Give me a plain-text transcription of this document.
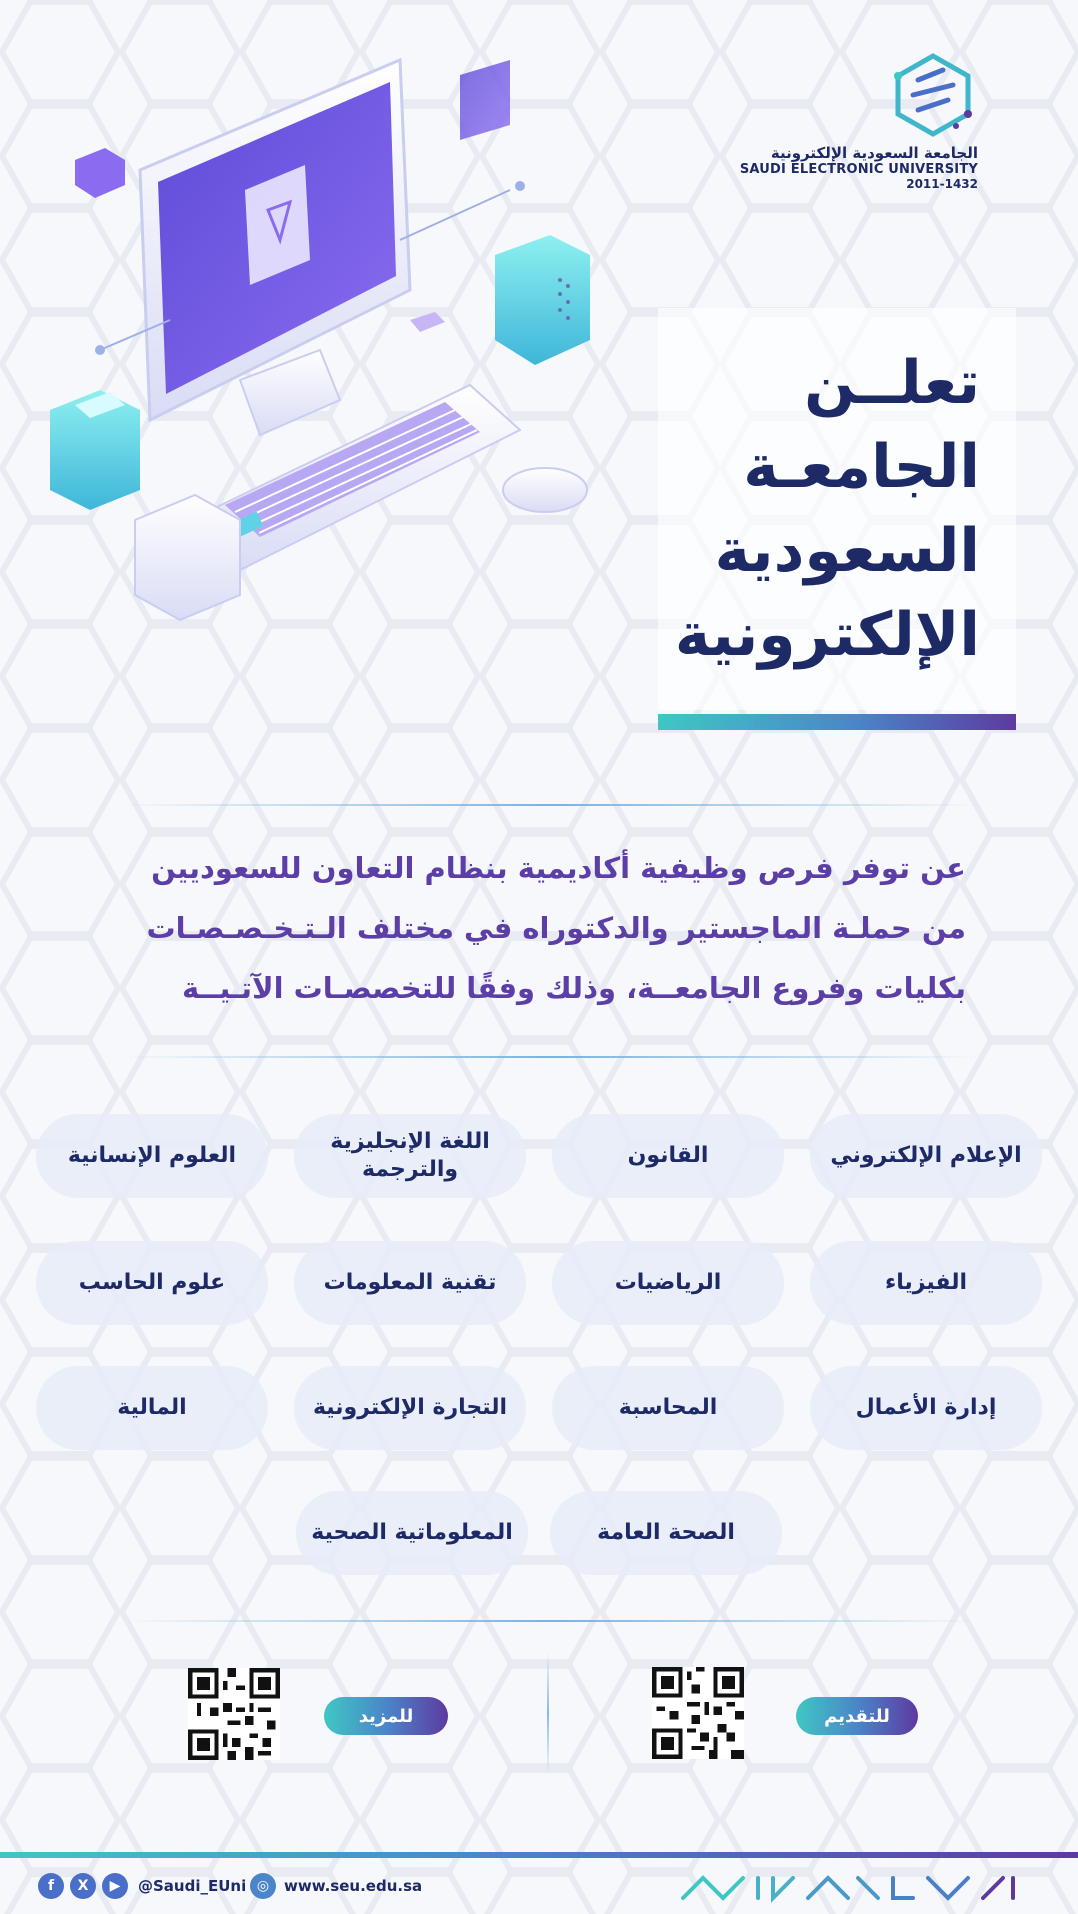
الجامعة السعودية الإلكترونية
SAUDI ELECTRONIC UNIVERSITY
2011-1432
تعلــن
الجامعـة
السعودية
الإلكترونية
عن توفر فرص وظيفية أكاديمية بنظام التعاون للسعوديين
من حملـة الماجستير والدكتوراه في مختلف الـتـخـصـصـات
بكليات وفروع الجامعــة، وذلك وفقًا للتخصصـات الآتـيــة
الإعلام الإلكتروني
القانون
اللغة الإنجليزية والترجمة
العلوم الإنسانية
الفيزياء
الرياضيات
تقنية المعلومات
علوم الحاسب
إدارة الأعمال
المحاسبة
التجارة الإلكترونية
المالية
الصحة العامة
المعلوماتية الصحية
للتقديم
للمزيد
f	X	▶	@Saudi_EUni ◎ www.seu.edu.sa
